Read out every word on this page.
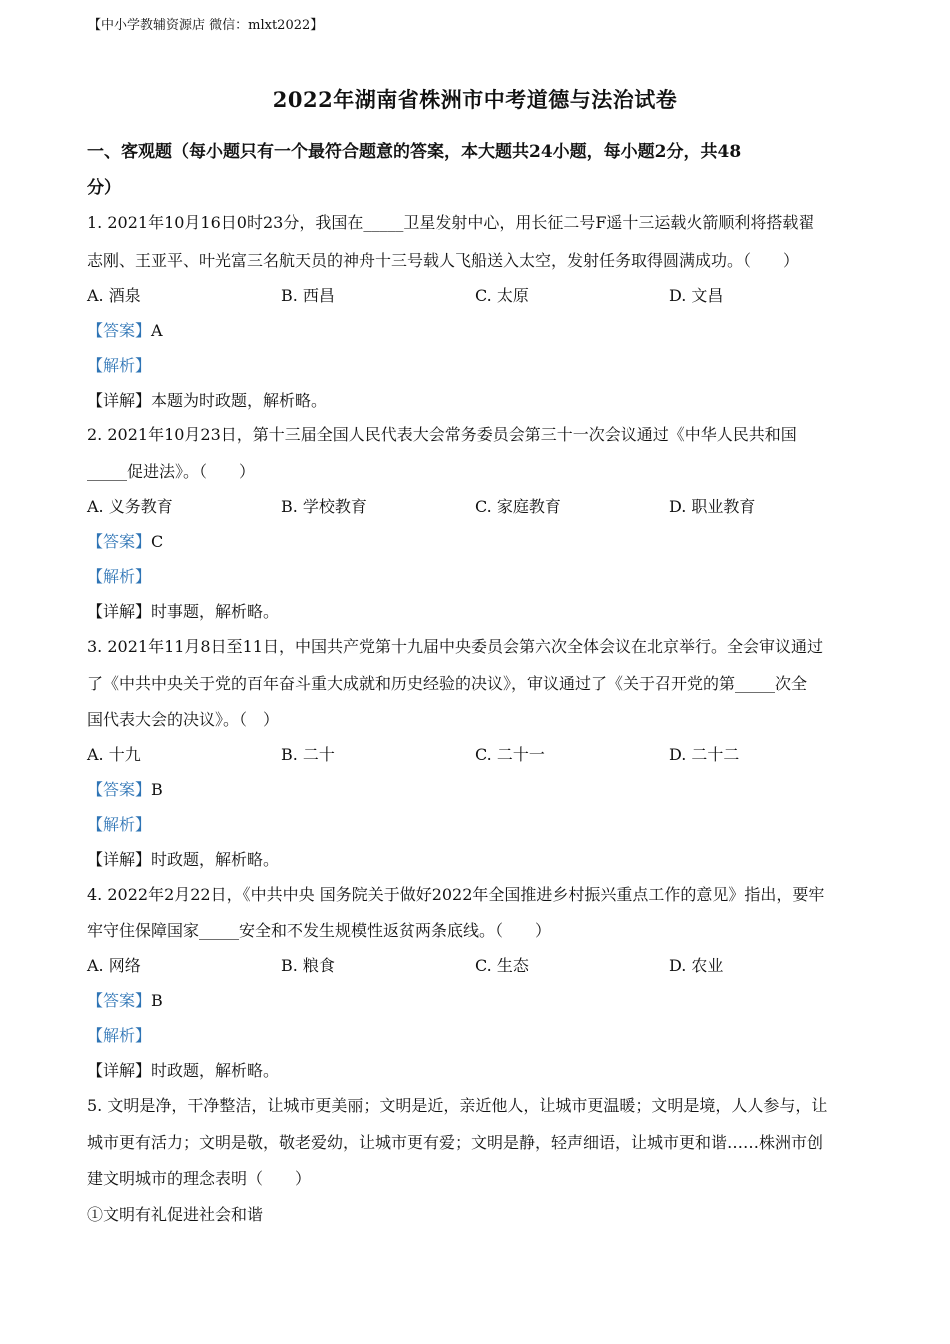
【中小学教辅资源店 微信：mlxt2022】
2022年湖南省株洲市中考道德与法治试卷
一、客观题（每小题只有一个最符合题意的答案，本大题共24小题，每小题2分，共48
分）
1. 2021年10月16日0时23分，我国在_____卫星发射中心，用长征二号F遥十三运载火箭顺利将搭载翟
志刚、王亚平、叶光富三名航天员的神舟十三号载人飞船送入太空，发射任务取得圆满成功。（　　）
A. 酒泉	B. 西昌	C. 太原	D. 文昌
【答案】A
【解析】
【详解】本题为时政题，解析略。
2. 2021年10月23日，第十三届全国人民代表大会常务委员会第三十一次会议通过《中华人民共和国
_____促进法》。（　　）
A. 义务教育	B. 学校教育	C. 家庭教育	D. 职业教育
【答案】C
【解析】
【详解】时事题，解析略。
3. 2021年11月8日至11日，中国共产党第十九届中央委员会第六次全体会议在北京举行。全会审议通过
了《中共中央关于党的百年奋斗重大成就和历史经验的决议》，审议通过了《关于召开党的第_____次全
国代表大会的决议》。（　）
A. 十九	B. 二十	C. 二十一	D. 二十二
【答案】B
【解析】
【详解】时政题，解析略。
4. 2022年2月22日，《中共中央 国务院关于做好2022年全国推进乡村振兴重点工作的意见》指出，要牢
牢守住保障国家_____安全和不发生规模性返贫两条底线。（　　）
A. 网络	B. 粮食	C. 生态	D. 农业
【答案】B
【解析】
【详解】时政题，解析略。
5. 文明是净，干净整洁，让城市更美丽；文明是近，亲近他人，让城市更温暖；文明是境，人人参与，让
城市更有活力；文明是敬，敬老爱幼，让城市更有爱；文明是静，轻声细语，让城市更和谐……株洲市创
建文明城市的理念表明（　　）
①文明有礼促进社会和谐
